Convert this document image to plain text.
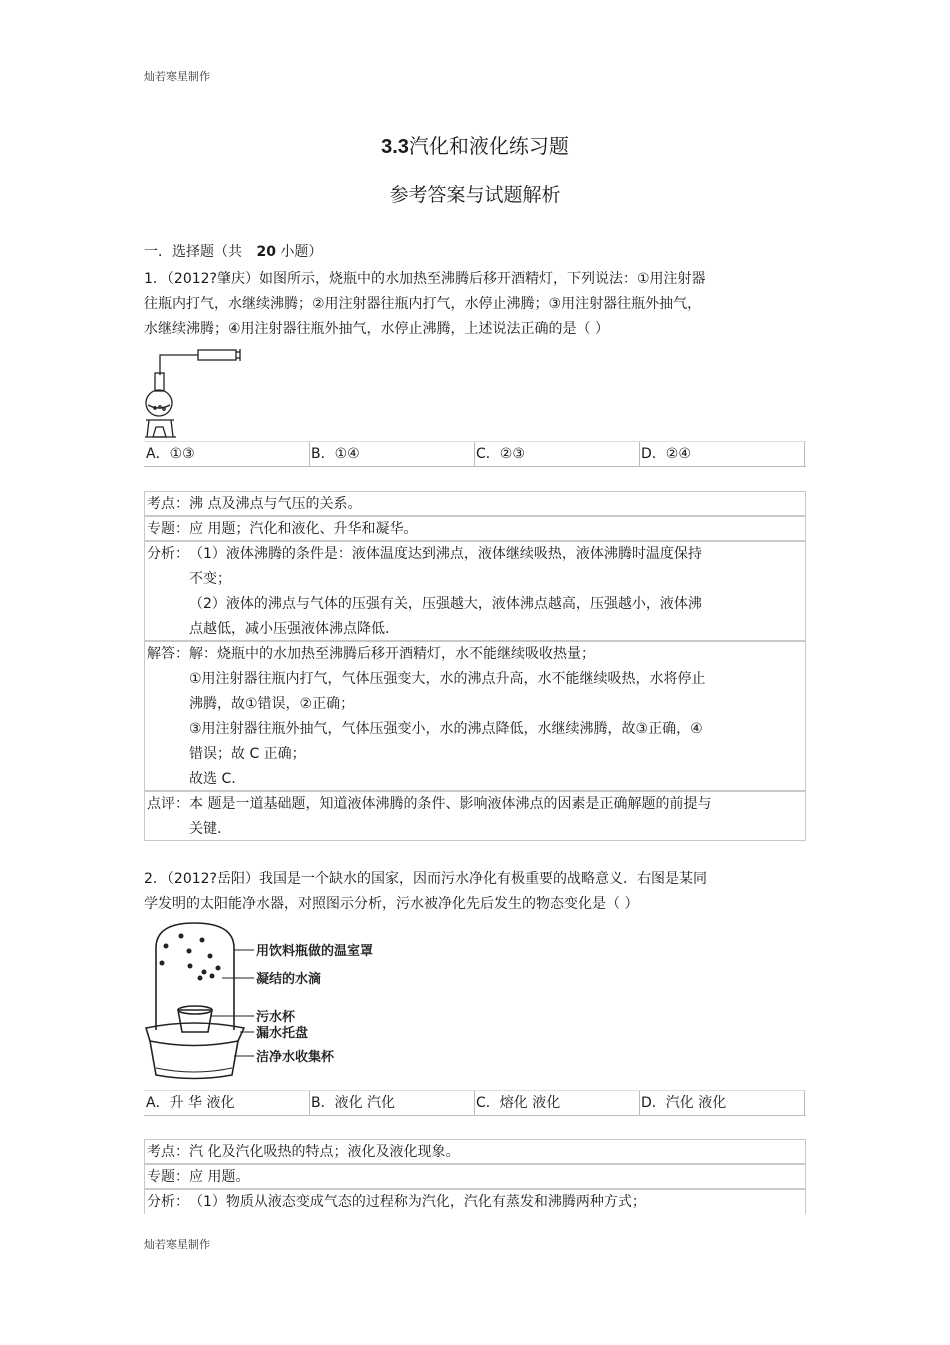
灿若寒星制作
3.3汽化和液化练习题
参考答案与试题解析
一．选择题（共 20 小题）
1．（2012?肇庆）如图所示，烧瓶中的水加热至沸腾后移开酒精灯，下列说法：①用注射器
往瓶内打气，水继续沸腾；②用注射器往瓶内打气，水停止沸腾；③用注射器往瓶外抽气，
水继续沸腾；④用注射器往瓶外抽气，水停止沸腾，上述说法正确的是（ ）
A．①③	B．①④	C．②③	D．②④
考点： 沸 点及沸点与气压的关系。
专题： 应 用题；汽化和液化、升华和凝华。
分析： （1）液体沸腾的条件是：液体温度达到沸点，液体继续吸热，液体沸腾时温度保持
不变；
（2）液体的沸点与气体的压强有关，压强越大，液体沸点越高，压强越小，液体沸
点越低，减小压强液体沸点降低.
解答： 解：烧瓶中的水加热至沸腾后移开酒精灯，水不能继续吸收热量；
①用注射器往瓶内打气，气体压强变大，水的沸点升高，水不能继续吸热，水将停止
沸腾，故①错误，②正确；
③用注射器往瓶外抽气，气体压强变小，水的沸点降低，水继续沸腾，故③正确，④
错误；故 C 正确；
故选 C.
点评： 本 题是一道基础题，知道液体沸腾的条件、影响液体沸点的因素是正确解题的前提与
关键.
2．（2012?岳阳）我国是一个缺水的国家，因而污水净化有极重要的战略意义．右图是某同
学发明的太阳能净水器，对照图示分析，污水被净化先后发生的物态变化是（ ）
用饮料瓶做的温室罩
凝结的水滴
污水杯
漏水托盘
洁净水收集杯
A．升 华 液化	B．液化 汽化	C．熔化 液化	D．汽化 液化
考点： 汽 化及汽化吸热的特点；液化及液化现象。
专题： 应 用题。
分析： （1）物质从液态变成气态的过程称为汽化，汽化有蒸发和沸腾两种方式；
灿若寒星制作
